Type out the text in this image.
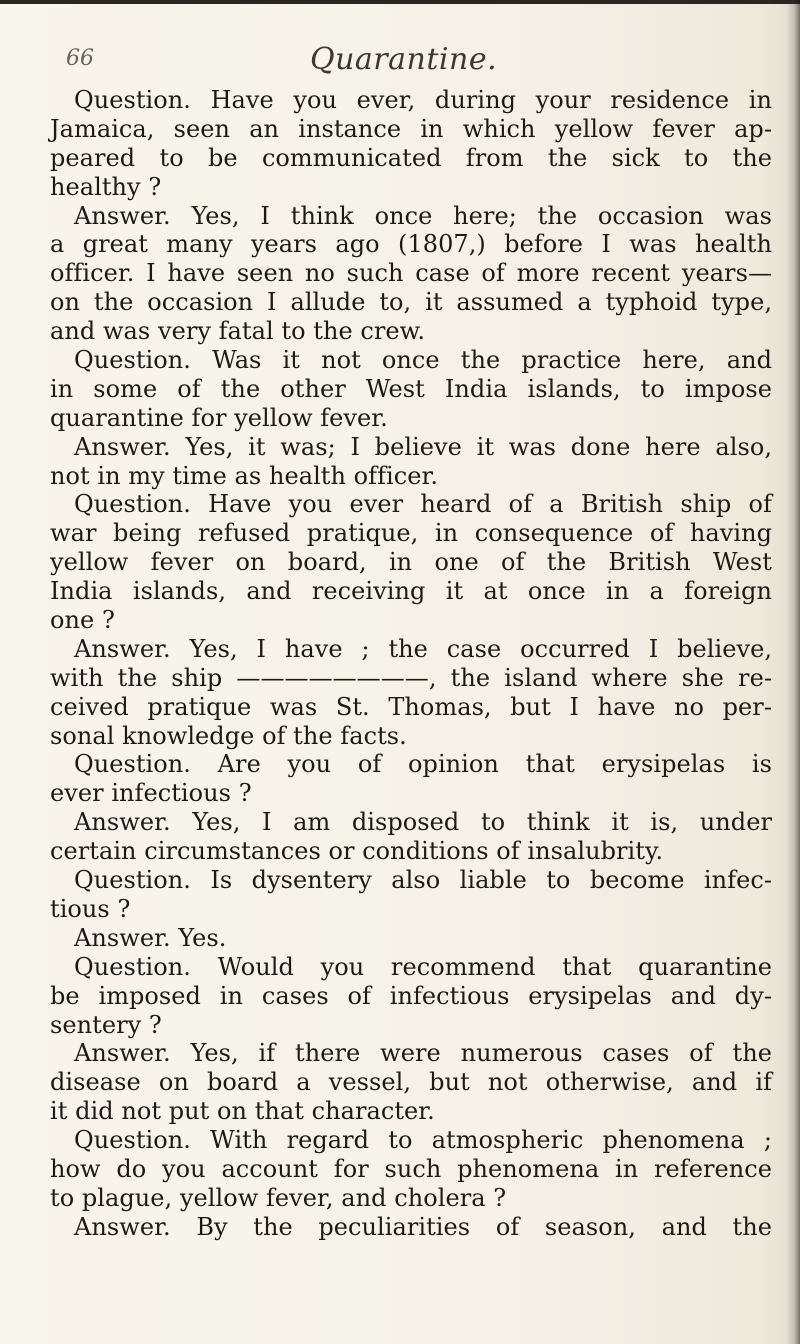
66	Quarantine.
Question. Have you ever, during your residence in
Jamaica, seen an instance in which yellow fever ap-
peared to be communicated from the sick to the
healthy ?
Answer. Yes, I think once here; the occasion was
a great many years ago (1807,) before I was health
officer. I have seen no such case of more recent years—
on the occasion I allude to, it assumed a typhoid type,
and was very fatal to the crew.
Question. Was it not once the practice here, and
in some of the other West India islands, to impose
quarantine for yellow fever.
Answer. Yes, it was; I believe it was done here also,
not in my time as health officer.
Question. Have you ever heard of a British ship of
war being refused pratique, in consequence of having
yellow fever on board, in one of the British West
India islands, and receiving it at once in a foreign
one ?
Answer. Yes, I have ; the case occurred I believe,
with the ship ————————, the island where she re-
ceived pratique was St. Thomas, but I have no per-
sonal knowledge of the facts.
Question. Are you of opinion that erysipelas is
ever infectious ?
Answer. Yes, I am disposed to think it is, under
certain circumstances or conditions of insalubrity.
Question. Is dysentery also liable to become infec-
tious ?
Answer. Yes.
Question. Would you recommend that quarantine
be imposed in cases of infectious erysipelas and dy-
sentery ?
Answer. Yes, if there were numerous cases of the
disease on board a vessel, but not otherwise, and if
it did not put on that character.
Question. With regard to atmospheric phenomena ;
how do you account for such phenomena in reference
to plague, yellow fever, and cholera ?
Answer. By the peculiarities of season, and the
